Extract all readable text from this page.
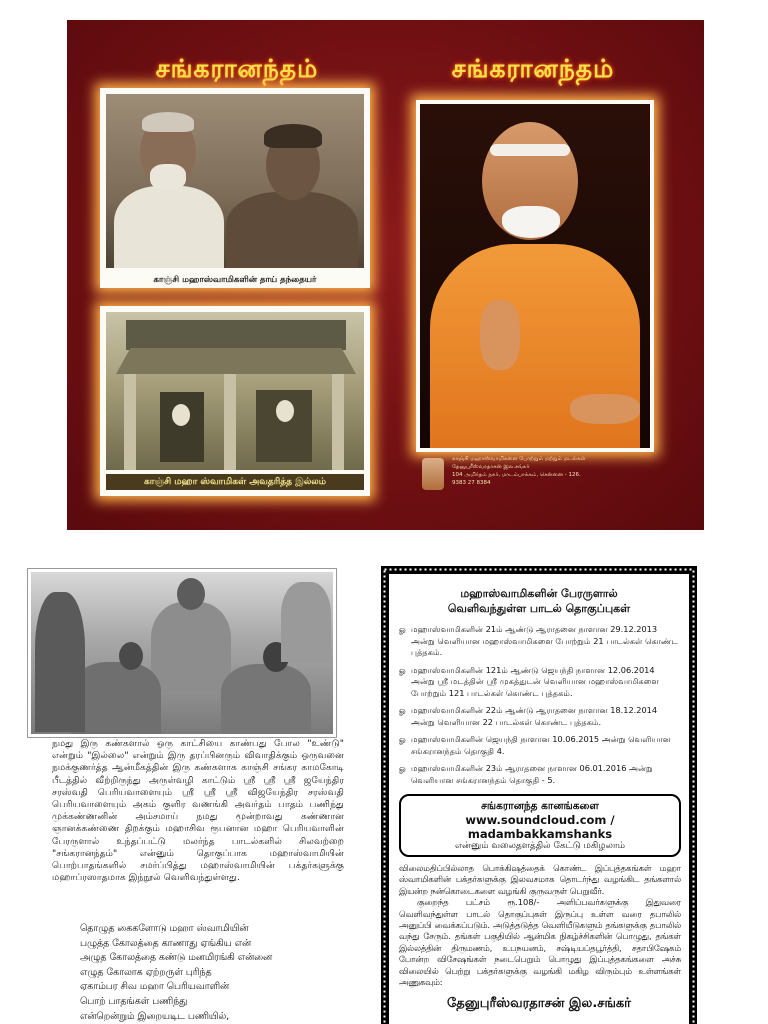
சங்கரானந்தம்	சங்கரானந்தம்
காஞ்சி மஹாஸ்வாமிகளின் தாய் தந்தையர்
காஞ்சி மஹா ஸ்வாமிகள் அவதரித்த இல்லம்
காஞ்சி மஹாஸ்வாமிகளை போற்றும் மற்றும் மடல்கள்
தேனுபுரீஸ்வரதாசன் இல.சங்கர்
104 அமிர்தம் நகர், மாடம்பாக்கம், சென்னை - 126.
9383 27 8384

நமது இரு கண்களால் ஒரு காட்சியை காண்பது போல "உண்டு" என்றும் "இல்லை" என்றும் இரு தரப்பினரும் விவாதிக்கும் ஒருவனை நமக்குணர்த்த ஆன்மீகத்தின் இரு கண்களாக காஞ்சி சங்கர காமகோடி பீடத்தில் வீற்றிருந்து அருள்வழி காட்டும் ஸ்ரீ ஸ்ரீ ஸ்ரீ ஜயேந்திர சரஸ்வதி பெரியவாளையும் ஸ்ரீ ஸ்ரீ ஸ்ரீ விஜயேந்திர சரஸ்வதி பெரியவாளையும் அகம் குளிர வணங்கி அவர்தம் பாதம் பணிந்து முக்கண்ணனின் அம்சமாய் நமது மூன்றாவது கண்ணான ஞானக்கண்ணை திறக்கும் மஹாசிவ ரூபனான மஹா பெரியவாளின் பேரருளால் உந்தப்பட்டு மலர்ந்த பாடல்களில் சிலவற்றை "சங்கரானந்தம்" என்னும் தொகுப்பாக மஹாஸ்வாமியின் பொற்பாதங்களில் சமர்ப்பித்து மஹாஸ்வாமியின் பக்தர்களுக்கு மஹாப்ரஸாதமாக இந்நூல் வெளிவந்துள்ளது.

தொழுத கைகளோடு மஹா ஸ்வாமியின்
பழுத்த கோலத்தை காணாது ஏங்கிய என்
அழுத கோலத்தை கண்டு மனமிரங்கி என்னை
எழுத கோலாக ஏற்றருள் புரிந்த
ஏகாம்பர சிவ மஹா பெரியவாளின்
பொற் பாதங்கள் பணிந்து
என்றென்றும் இறையடிட பணியில்,
மஹாஸ்வாமிகளின் பேரருளால்
வெளிவந்துள்ள பாடல் தொகுப்புகள்
ௐ மஹாஸ்வாமிகளின் 21ம் ஆண்டு ஆராதனை நாளான 29.12.2013 அன்று வெளியான மஹாஸ்வாமிகளை போற்றும் 21 பாடல்கள் கொண்ட புத்தகம்.
ௐ மஹாஸ்வாமிகளின் 121ம் ஆண்டு ஜெயந்தி நாளான 12.06.2014 அன்று ஸ்ரீ மடத்தின் ஸ்ரீ முகத்துடன் வெளியான மஹாஸ்வாமிகளை போற்றும் 121 பாடல்கள் கொண்ட புத்தகம்.
ௐ மஹாஸ்வாமிகளின் 22ம் ஆண்டு ஆராதனை நாளான 18.12.2014 அன்று வெளியான 22 பாடல்கள் கொண்ட புத்தகம்.
ௐ மஹாஸ்வாமிகளின் ஜெயந்தி நாளான 10.06.2015 அன்று வெளியான சங்கரானந்தம் தொகுதி 4.
ௐ மஹாஸ்வாமிகளின் 23ம் ஆராதனை நாளான 06.01.2016 அன்று வெளியான சங்கரானந்தம் தொகுதி - 5.
சங்கரானந்த கானங்களை
www.soundcloud.com / madambakkamshanks
என்னும் வலைதளத்தில் கேட்டு மகிழலாம்

விலைமதிப்பில்லாத பொக்கிஷத்தைக் கொண்ட இப்புத்தகங்கள் மஹா ஸ்வாமிகளின் பக்தர்களுக்கு இலவசமாக தொடர்ந்து வழங்கிட தங்களால் இயன்ற நன்கொடைகளை வழங்கி குருவருள் பெறுவீர்.

குறைந்த பட்சம் ரூ.108/- அளிப்பவர்களுக்கு இதுவரை வெளிவந்துள்ள பாடல் தொகுப்புகள் இருப்பு உள்ள வரை தபாலில் அனுப்பி வைக்கப்படும். அடுத்தடுத்த வெளியீடுகளும் தங்களுக்கு தபாலில் வந்து சேரும். தங்கள் பகுதியில் ஆன்மிக நிகழ்ச்சிகளின் பொழுது, தங்கள் இல்லத்தின் திருமணம், உபநயனம், சஷ்டியப்தபூர்த்தி, சதாபிஷேகம் போன்ற விசேஷங்கள் நடைபெறும் பொழுது இப்புத்தகங்களை அச்சு விலையில் பெற்று பக்தர்களுக்கு வழங்கி மகிழ விரும்பும் உள்ளங்கள் அணுகவும்:

தேனுபுரீஸ்வரதாசன் இல.சங்கர்
